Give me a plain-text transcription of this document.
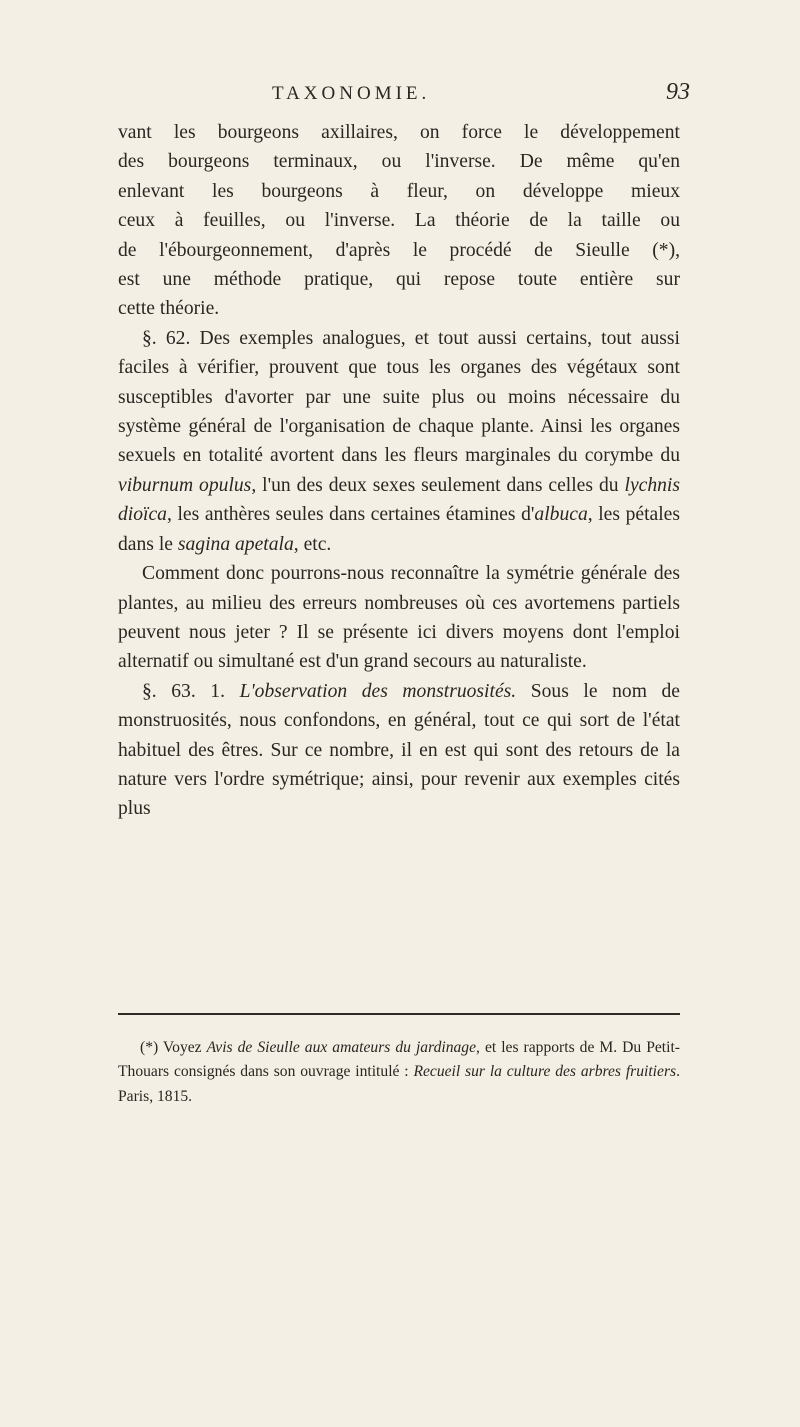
TAXONOMIE.	93

vant les bourgeons axillaires, on force le développement
des bourgeons terminaux, ou l'inverse. De même qu'en
enlevant les bourgeons à fleur, on développe mieux
ceux à feuilles, ou l'inverse. La théorie de la taille ou
de l'ébourgeonnement, d'après le procédé de Sieulle (*),
est une méthode pratique, qui repose toute entière sur
cette théorie.

§. 62. Des exemples analogues, et tout aussi certains, tout aussi faciles à vérifier, prouvent que tous les organes des végétaux sont susceptibles d'avorter par une suite plus ou moins nécessaire du système général de l'organisation de chaque plante. Ainsi les organes sexuels en totalité avortent dans les fleurs marginales du corymbe du viburnum opulus, l'un des deux sexes seulement dans celles du lychnis dioïca, les anthères seules dans certaines étamines d'albuca, les pétales dans le sagina apetala, etc.

Comment donc pourrons-nous reconnaître la symétrie générale des plantes, au milieu des erreurs nombreuses où ces avortemens partiels peuvent nous jeter ? Il se présente ici divers moyens dont l'emploi alternatif ou simultané est d'un grand secours au naturaliste.

§. 63. 1. L'observation des monstruosités. Sous le nom de monstruosités, nous confondons, en général, tout ce qui sort de l'état habituel des êtres. Sur ce nombre, il en est qui sont des retours de la nature vers l'ordre symétrique; ainsi, pour revenir aux exemples cités plus

(*) Voyez Avis de Sieulle aux amateurs du jardinage, et les rapports de M. Du Petit-Thouars consignés dans son ouvrage intitulé : Recueil sur la culture des arbres fruitiers. Paris, 1815.
